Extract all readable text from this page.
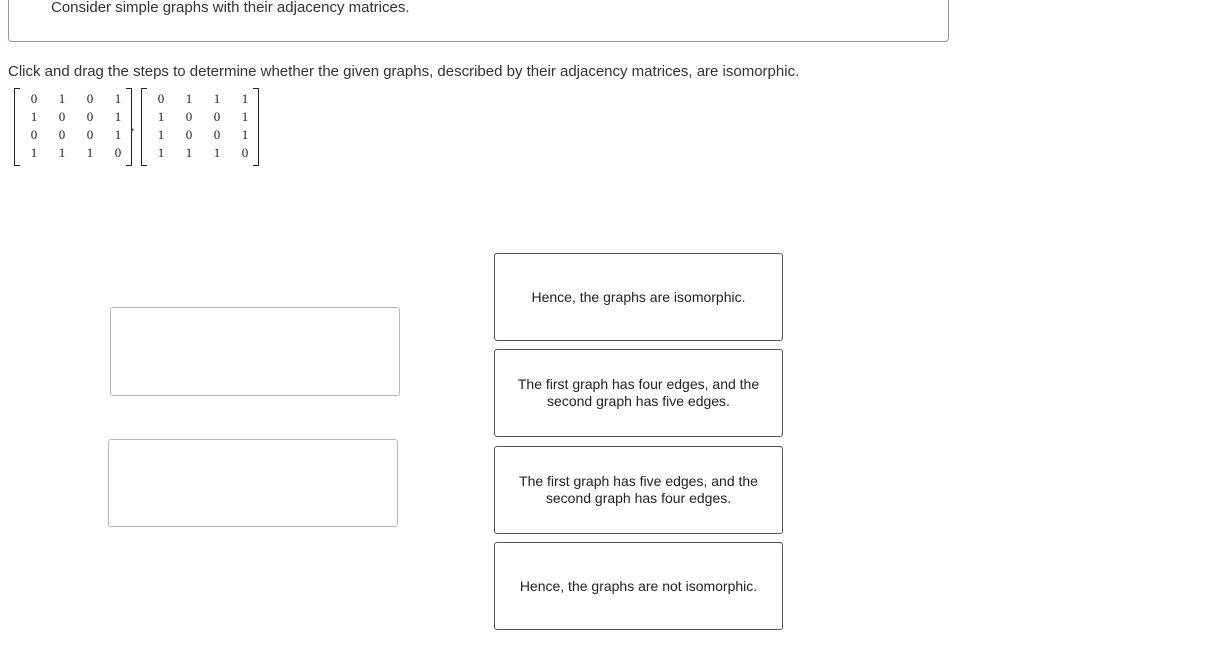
Consider simple graphs with their adjacency matrices.
Click and drag the steps to determine whether the given graphs, described by their adjacency matrices, are isomorphic.
0	1	0	1
1	0	0	1
0	0	0	1
1	1	1	0
,
0	1	1	1
1	0	0	1
1	0	0	1
1	1	1	0
Hence, the graphs are isomorphic.
The first graph has four edges, and the second graph has five edges.
The first graph has five edges, and the second graph has four edges.
Hence, the graphs are not isomorphic.
